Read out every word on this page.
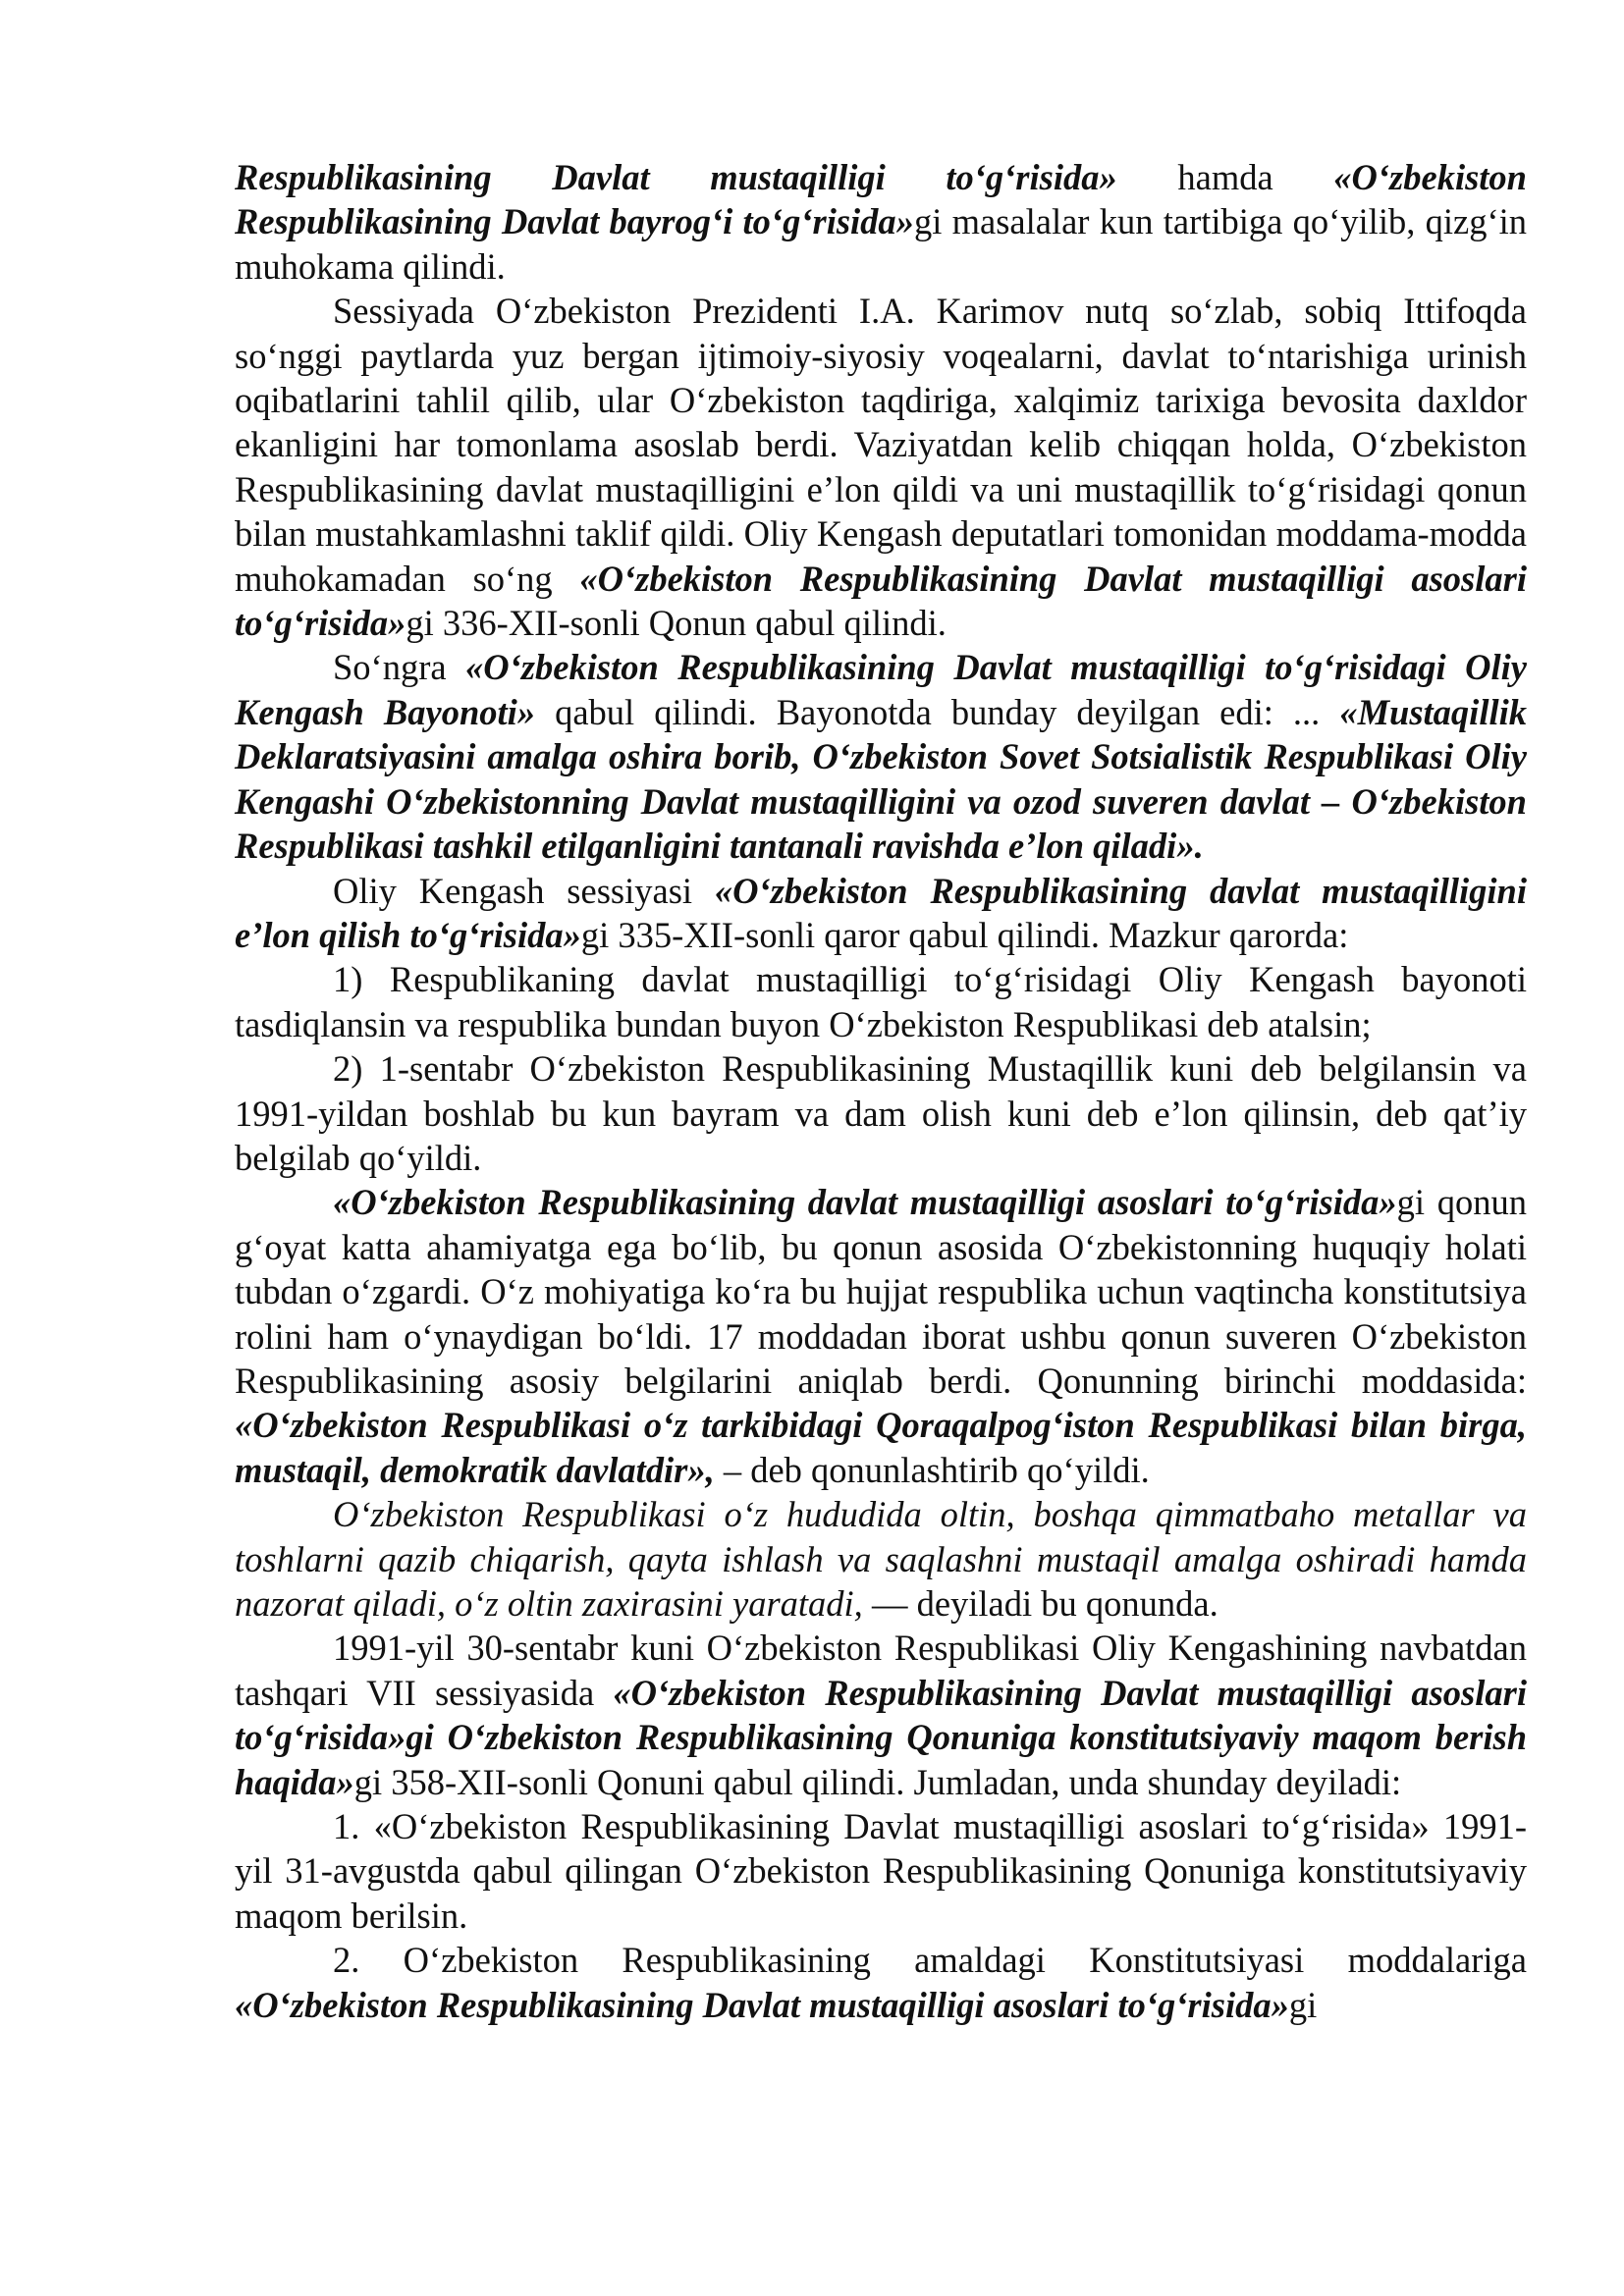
Respublikasining Davlat mustaqilligi to‘g‘risida» hamda «O‘zbekiston Respublikasining Davlat bayrog‘i to‘g‘risida»gi masalalar kun tartibiga qo‘yilib, qizg‘in muhokama qilindi.

Sessiyada O‘zbekiston Prezidenti I.A. Karimov nutq so‘zlab, sobiq Ittifoqda so‘nggi paytlarda yuz bergan ijtimoiy-siyosiy voqealarni, davlat to‘ntarishiga urinish oqibatlarini tahlil qilib, ular O‘zbekiston taqdiriga, xalqimiz tarixiga bevosita daxldor ekanligini har tomonlama asoslab berdi. Vaziyatdan kelib chiqqan holda, O‘zbekiston Respublikasining davlat mustaqilligini e’lon qildi va uni mustaqillik to‘g‘risidagi qonun bilan mustahkamlashni taklif qildi. Oliy Kengash deputatlari tomonidan moddama-modda muhokamadan so‘ng «O‘zbekiston Respublikasining Davlat mustaqilligi asoslari to‘g‘risida»gi 336-XII-sonli Qonun qabul qilindi.

So‘ngra «O‘zbekiston Respublikasining Davlat mustaqilligi to‘g‘risidagi Oliy Kengash Bayonoti» qabul qilindi. Bayonotda bunday deyilgan edi: ... «Mustaqillik Deklaratsiyasini amalga oshira borib, O‘zbekiston Sovet Sotsialistik Respublikasi Oliy Kengashi O‘zbekistonning Davlat mustaqilligini va ozod suveren davlat – O‘zbekiston Respublikasi tashkil etilganligini tantanali ravishda e’lon qiladi».

Oliy Kengash sessiyasi «O‘zbekiston Respublikasining davlat mustaqilligini e’lon qilish to‘g‘risida»gi 335-XII-sonli qaror qabul qilindi. Mazkur qarorda:

1) Respublikaning davlat mustaqilligi to‘g‘risidagi Oliy Kengash bayonoti tasdiqlansin va respublika bundan buyon O‘zbekiston Respublikasi deb atalsin;

2) 1-sentabr O‘zbekiston Respublikasining Mustaqillik kuni deb belgilansin va 1991-yildan boshlab bu kun bayram va dam olish kuni deb e’lon qilinsin, deb qat’iy belgilab qo‘yildi.

«O‘zbekiston Respublikasining davlat mustaqilligi asoslari to‘g‘risida»gi qonun g‘oyat katta ahamiyatga ega bo‘lib, bu qonun asosida O‘zbekistonning huquqiy holati tubdan o‘zgardi. O‘z mohiyatiga ko‘ra bu hujjat respublika uchun vaqtincha konstitutsiya rolini ham o‘ynaydigan bo‘ldi. 17 moddadan iborat ushbu qonun suveren O‘zbekiston Respublikasining asosiy belgilarini aniqlab berdi. Qonunning birinchi moddasida: «O‘zbekiston Respublikasi o‘z tarkibidagi Qoraqalpog‘iston Respublikasi bilan birga, mustaqil, demokratik davlatdir», – deb qonunlashtirib qo‘yildi.

O‘zbekiston Respublikasi o‘z hududida oltin, boshqa qimmatbaho metallar va toshlarni qazib chiqarish, qayta ishlash va saqlashni mustaqil amalga oshiradi hamda nazorat qiladi, o‘z oltin zaxirasini yaratadi, — deyiladi bu qonunda.

1991-yil 30-sentabr kuni O‘zbekiston Respublikasi Oliy Kengashining navbatdan tashqari VII sessiyasida «O‘zbekiston Respublikasining Davlat mustaqilligi asoslari to‘g‘risida»gi O‘zbekiston Respublikasining Qonuniga konstitutsiyaviy maqom berish haqida»gi 358-XII-sonli Qonuni qabul qilindi. Jumladan, unda shunday deyiladi:

1. «O‘zbekiston Respublikasining Davlat mustaqilligi asoslari to‘g‘risida» 1991-yil 31-avgustda qabul qilingan O‘zbekiston Respublikasining Qonuniga konstitutsiyaviy maqom berilsin.

2. O‘zbekiston Respublikasining amaldagi Konstitutsiyasi moddalariga «O‘zbekiston Respublikasining Davlat mustaqilligi asoslari to‘g‘risida»gi
